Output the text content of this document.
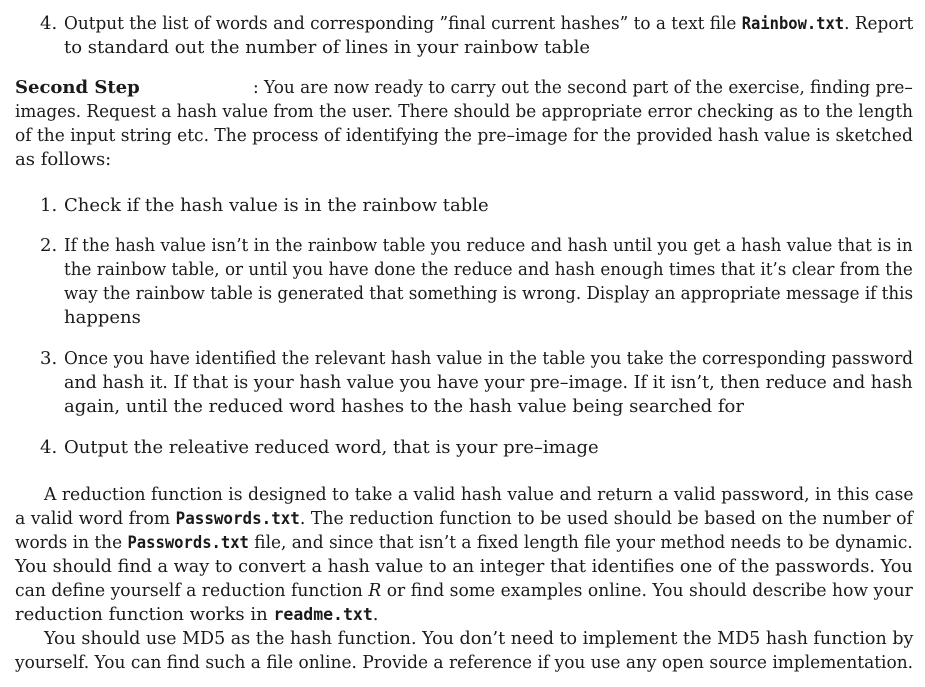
4. Output the list of words and corresponding ”final current hashes” to a text file Rainbow.txt. Report
to standard out the number of lines in your rainbow table
Second Step	: You are now ready to carry out the second part of the exercise, finding pre–
images. Request a hash value from the user. There should be appropriate error checking as to the length
of the input string etc. The process of identifying the pre–image for the provided hash value is sketched
as follows:
1. Check if the hash value is in the rainbow table
2. If the hash value isn’t in the rainbow table you reduce and hash until you get a hash value that is in
the rainbow table, or until you have done the reduce and hash enough times that it’s clear from the
way the rainbow table is generated that something is wrong. Display an appropriate message if this
happens
3. Once you have identified the relevant hash value in the table you take the corresponding password
and hash it. If that is your hash value you have your pre–image. If it isn’t, then reduce and hash
again, until the reduced word hashes to the hash value being searched for
4. Output the releative reduced word, that is your pre–image
A reduction function is designed to take a valid hash value and return a valid password, in this case
a valid word from Passwords.txt. The reduction function to be used should be based on the number of
words in the Passwords.txt file, and since that isn’t a fixed length file your method needs to be dynamic.
You should find a way to convert a hash value to an integer that identifies one of the passwords. You
can define yourself a reduction function R or find some examples online. You should describe how your
reduction function works in readme.txt.
You should use MD5 as the hash function. You don’t need to implement the MD5 hash function by
yourself. You can find such a file online. Provide a reference if you use any open source implementation.
